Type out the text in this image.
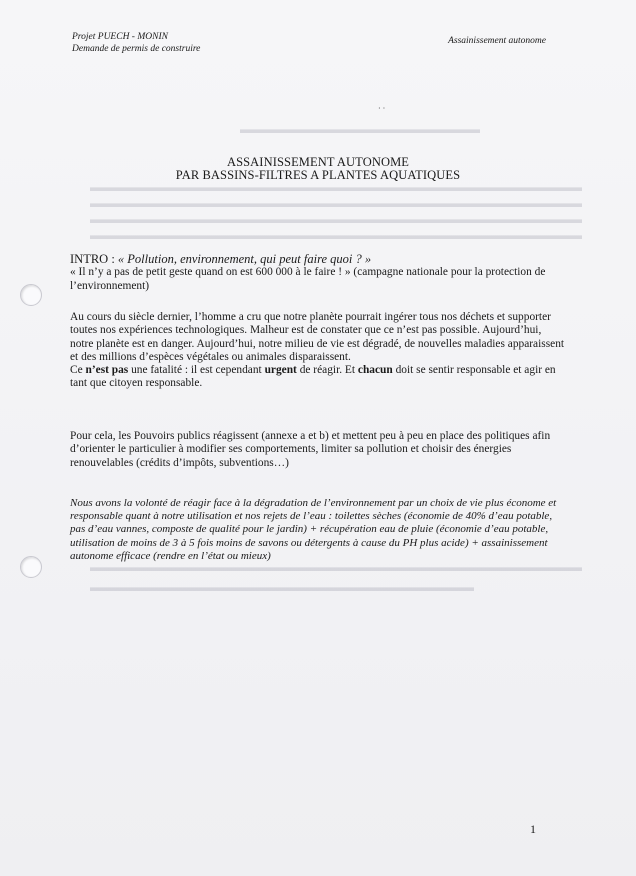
▬▬▬▬▬▬▬▬▬▬▬▬▬▬▬▬▬▬▬▬
▬▬▬▬▬▬▬▬▬▬▬▬▬▬▬▬▬▬▬▬▬▬▬▬▬▬▬▬▬▬▬▬▬▬▬▬▬▬▬▬▬
▬▬▬▬▬▬▬▬▬▬▬▬▬▬▬▬▬▬▬▬▬▬▬▬▬▬▬▬▬▬▬▬▬▬▬▬▬▬▬▬▬
▬▬▬▬▬▬▬▬▬▬▬▬▬▬▬▬▬▬▬▬▬▬▬▬▬▬▬▬▬▬▬▬▬▬▬▬▬▬▬▬▬
▬▬▬▬▬▬▬▬▬▬▬▬▬▬▬▬▬▬▬▬▬▬▬▬▬▬▬▬▬▬▬▬▬▬▬▬▬▬▬▬▬
▬▬▬▬▬▬▬▬▬▬▬▬▬▬▬▬▬▬▬▬▬▬▬▬▬▬▬▬▬▬▬▬▬▬▬▬▬▬▬▬▬
▬▬▬▬▬▬▬▬▬▬▬▬▬▬▬▬▬▬▬▬▬▬▬▬▬▬▬▬▬▬▬▬
Projet PUECH - MONIN
Demande de permis de construire
Assainissement autonome
· ·
ASSAINISSEMENT AUTONOME
PAR BASSINS-FILTRES A PLANTES AQUATIQUES
INTRO : « Pollution, environnement, qui peut faire quoi ? »
« Il n’y a pas de petit geste quand on est 600 000 à le faire ! » (campagne nationale pour la protection de l’environnement)
Au cours du siècle dernier, l’homme a cru que notre planète pourrait ingérer tous nos déchets et supporter toutes nos expériences technologiques. Malheur est de constater que ce n’est pas possible. Aujourd’hui, notre planète est en danger. Aujourd’hui, notre milieu de vie est dégradé, de nouvelles maladies apparaissent et des millions d’espèces végétales ou animales disparaissent.
Ce n’est pas une fatalité : il est cependant urgent de réagir. Et chacun doit se sentir responsable et agir en tant que citoyen responsable.
Pour cela, les Pouvoirs publics réagissent (annexe a et b) et mettent peu à peu en place des politiques afin d’orienter le particulier à modifier ses comportements, limiter sa pollution et choisir des énergies renouvelables (crédits d’impôts, subventions…)
Nous avons la volonté de réagir face à la dégradation de l’environnement par un choix de vie plus économe et responsable quant à notre utilisation et nos rejets de l’eau : toilettes sèches (économie de 40% d’eau potable, pas d’eau vannes, composte de qualité pour le jardin) + récupération eau de pluie (économie d’eau potable, utilisation de moins de 3 à 5 fois moins de savons ou détergents à cause du PH plus acide) + assainissement autonome efficace (rendre en l’état ou mieux)
1
